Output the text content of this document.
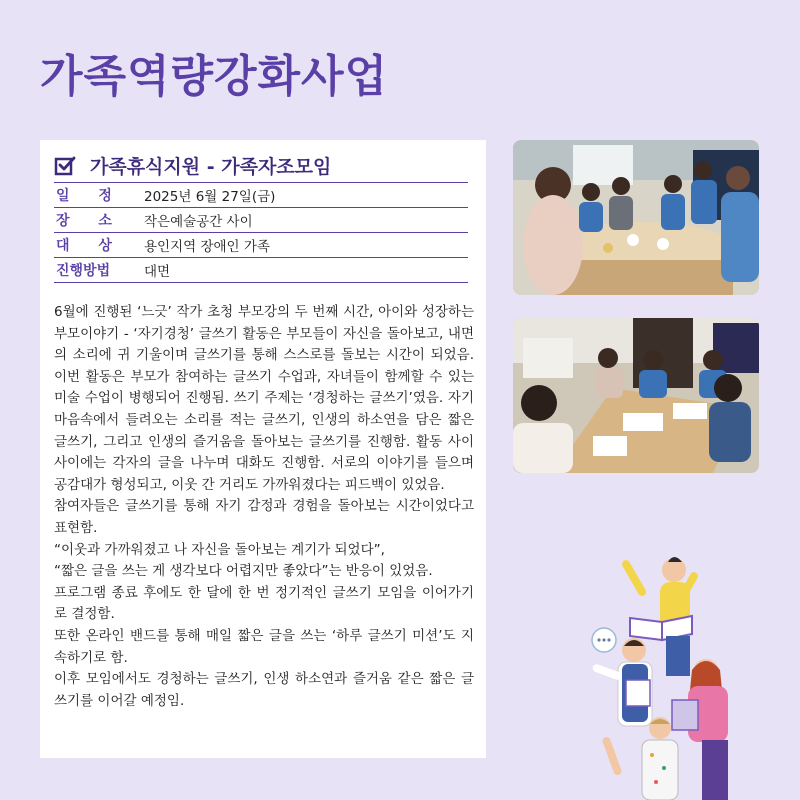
가족역량강화사업
가족휴식지원 - 가족자조모임
일 정	2025년 6월 27일(금)
장 소	작은예술공간 사이
대 상	용인지역 장애인 가족
진행방법	대면

6월에 진행된 ‘느긋’ 작가 초청 부모강의 두 번째 시간, 아이와 성장하는 부모이야기 - ‘자기경청’ 글쓰기 활동은 부모들이 자신을 돌아보고, 내면의 소리에 귀 기울이며 글쓰기를 통해 스스로를 돌보는 시간이 되었음. 이번 활동은 부모가 참여하는 글쓰기 수업과, 자녀들이 함께할 수 있는 미술 수업이 병행되어 진행됨. 쓰기 주제는 ‘경청하는 글쓰기’였음. 자기 마음속에서 들려오는 소리를 적는 글쓰기, 인생의 하소연을 담은 짧은 글쓰기, 그리고 인생의 즐거움을 돌아보는 글쓰기를 진행함. 활동 사이사이에는 각자의 글을 나누며 대화도 진행함. 서로의 이야기를 들으며 공감대가 형성되고, 이웃 간 거리도 가까워졌다는 피드백이 있었음.

참여자들은 글쓰기를 통해 자기 감정과 경험을 돌아보는 시간이었다고 표현함.

“이웃과 가까워졌고 나 자신을 돌아보는 계기가 되었다”,

“짧은 글을 쓰는 게 생각보다 어렵지만 좋았다”는 반응이 있었음.

프로그램 종료 후에도 한 달에 한 번 정기적인 글쓰기 모임을 이어가기로 결정함.

또한 온라인 밴드를 통해 매일 짧은 글을 쓰는 ‘하루 글쓰기 미션’도 지속하기로 함.

이후 모임에서도 경청하는 글쓰기, 인생 하소연과 즐거움 같은 짧은 글쓰기를 이어갈 예정임.
